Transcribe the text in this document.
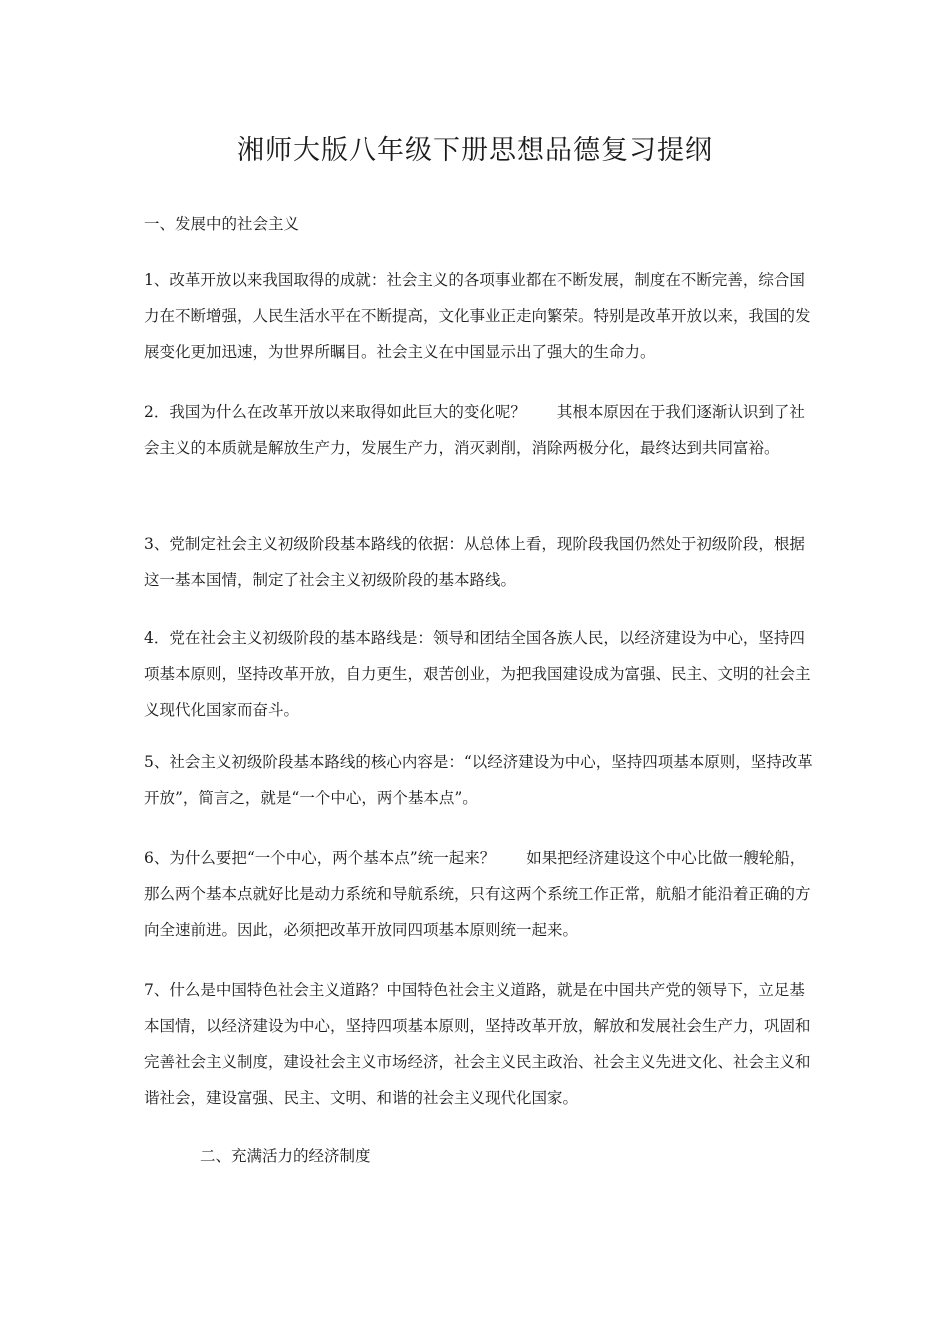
湘师大版八年级下册思想品德复习提纲

一、发展中的社会主义

1、改革开放以来我国取得的成就：社会主义的各项事业都在不断发展，制度在不断完善，综合国力在不断增强，人民生活水平在不断提高，文化事业正走向繁荣。特别是改革开放以来，我国的发展变化更加迅速，为世界所瞩目。社会主义在中国显示出了强大的生命力。

2．我国为什么在改革开放以来取得如此巨大的变化呢？　　其根本原因在于我们逐渐认识到了社会主义的本质就是解放生产力，发展生产力，消灭剥削，消除两极分化，最终达到共同富裕。

3、党制定社会主义初级阶段基本路线的依据：从总体上看，现阶段我国仍然处于初级阶段，根据这一基本国情，制定了社会主义初级阶段的基本路线。

4．党在社会主义初级阶段的基本路线是：领导和团结全国各族人民，以经济建设为中心，坚持四项基本原则，坚持改革开放，自力更生，艰苦创业，为把我国建设成为富强、民主、文明的社会主义现代化国家而奋斗。

5、社会主义初级阶段基本路线的核心内容是：“以经济建设为中心，坚持四项基本原则，坚持改革开放”，简言之，就是“一个中心，两个基本点”。

6、为什么要把“一个中心，两个基本点”统一起来？　　如果把经济建设这个中心比做一艘轮船，那么两个基本点就好比是动力系统和导航系统，只有这两个系统工作正常，航船才能沿着正确的方向全速前进。因此，必须把改革开放同四项基本原则统一起来。

7、什么是中国特色社会主义道路？中国特色社会主义道路，就是在中国共产党的领导下，立足基本国情，以经济建设为中心，坚持四项基本原则，坚持改革开放，解放和发展社会生产力，巩固和完善社会主义制度，建设社会主义市场经济，社会主义民主政治、社会主义先进文化、社会主义和谐社会，建设富强、民主、文明、和谐的社会主义现代化国家。

二、充满活力的经济制度
